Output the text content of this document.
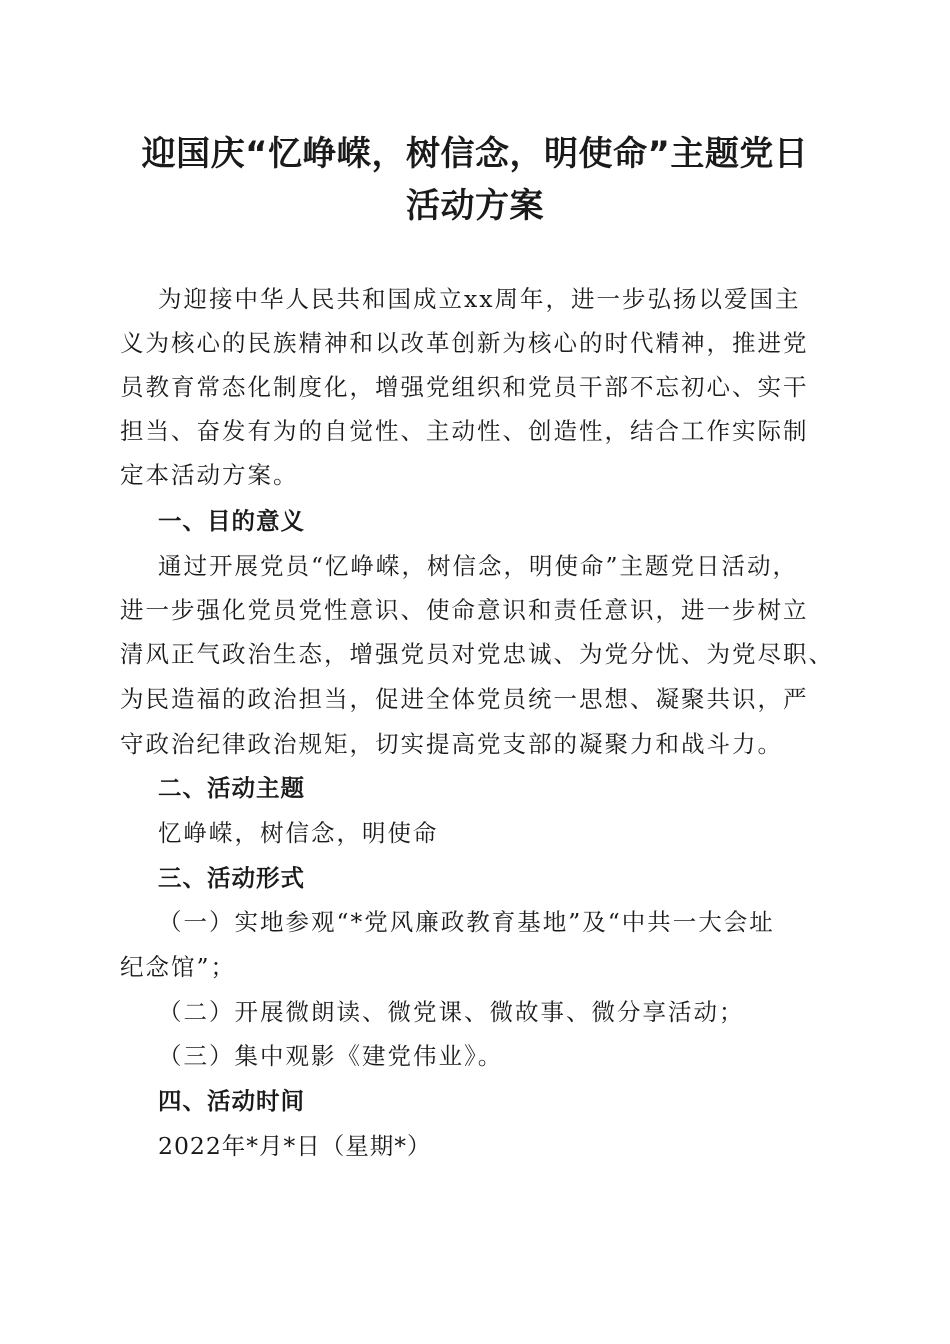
迎国庆“忆峥嵘，树信念，明使命”主题党日
活动方案
为迎接中华人民共和国成立xx周年，进一步弘扬以爱国主
义为核心的民族精神和以改革创新为核心的时代精神，推进党
员教育常态化制度化，增强党组织和党员干部不忘初心、实干
担当、奋发有为的自觉性、主动性、创造性，结合工作实际制
定本活动方案。
一、目的意义
通过开展党员“忆峥嵘，树信念，明使命”主题党日活动，
进一步强化党员党性意识、使命意识和责任意识，进一步树立
清风正气政治生态，增强党员对党忠诚、为党分忧、为党尽职、
为民造福的政治担当，促进全体党员统一思想、凝聚共识，严
守政治纪律政治规矩，切实提高党支部的凝聚力和战斗力。
二、活动主题
忆峥嵘，树信念，明使命
三、活动形式
（一）实地参观“*党风廉政教育基地”及“中共一大会址
纪念馆”；
（二）开展微朗读、微党课、微故事、微分享活动；
（三）集中观影《建党伟业》。
四、活动时间
2022年*月*日（星期*）
